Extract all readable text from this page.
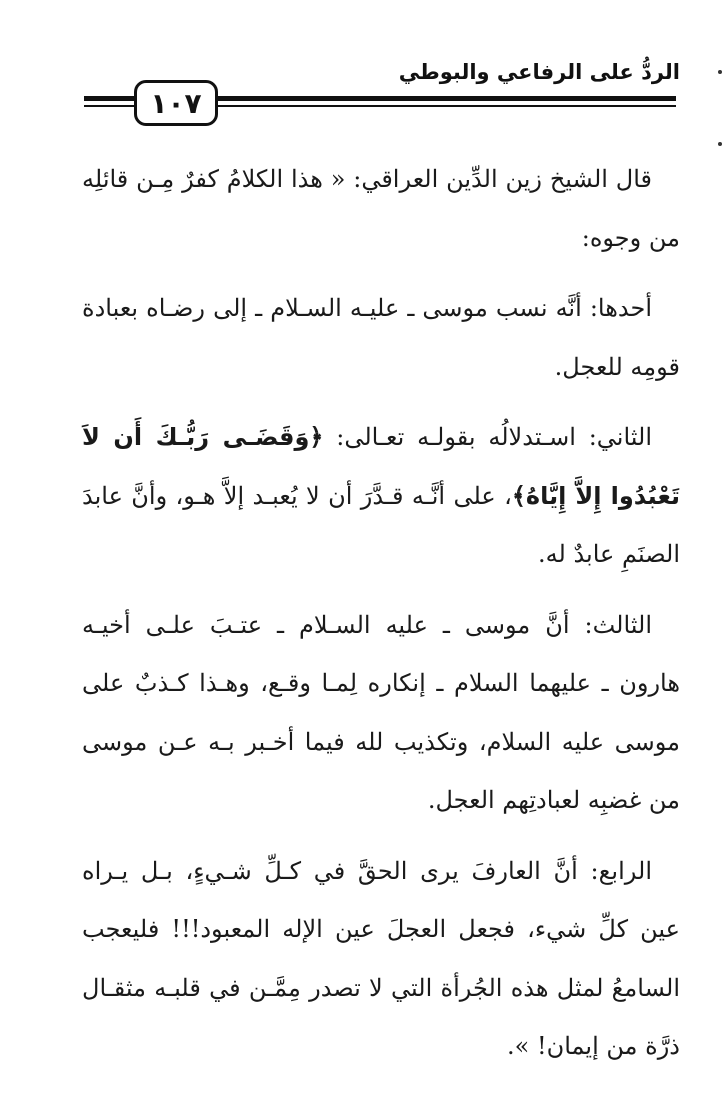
الردُّ على الرفاعي والبوطي
١٠٧

قال الشيخ زين الدِّين العراقي: « هذا الكلامُ كفرٌ مِـن قائلِه من وجوه:

أحدها: أنَّه نسب موسى ـ عليـه السـلام ـ إلى رضـاه بعبادة قومِه للعجل.

الثاني: اسـتدلالُه بقولـه تعـالى: ﴿وَقَضَـى رَبُّـكَ أَن لاَ تَعْبُدُوا إِلاَّ إِيَّاهُ﴾، على أنَّـه قـدَّرَ أن لا يُعبـد إلاَّ هـو، وأنَّ عابدَ الصنَمِ عابدٌ له.

الثالث: أنَّ موسى ـ عليه السـلام ـ عتـبَ علـى أخيـه هارون ـ عليهما السلام ـ إنكاره لِمـا وقـع، وهـذا كـذبٌ على موسى عليه السلام، وتكذيب لله فيما أخـبر بـه عـن موسى من غضبِه لعبادتِهم العجل.

الرابع: أنَّ العارفَ يرى الحقَّ في كـلِّ شـيءٍ، بـل يـراه عين كلِّ شيء، فجعل العجلَ عين الإله المعبود!!! فليعجب السامعُ لمثل هذه الجُرأة التي لا تصدر مِمَّـن في قلبـه مثقـال ذرَّة من إيمان! ».
